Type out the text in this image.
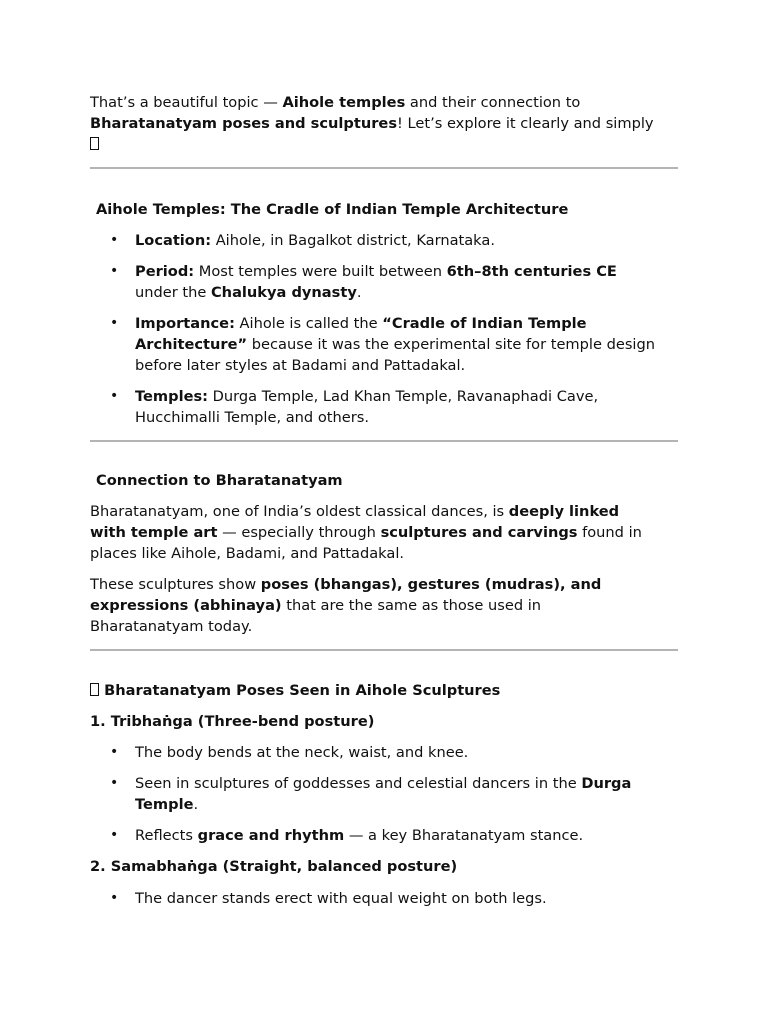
That’s a beautiful topic — Aihole temples and their connection to
Bharatanatyam poses and sculptures! Let’s explore it clearly and simply

Aihole Temples: The Cradle of Indian Temple Architecture
• Location: Aihole, in Bagalkot district, Karnataka.
• Period: Most temples were built between 6th–8th centuries CE
under the Chalukya dynasty.
• Importance: Aihole is called the “Cradle of Indian Temple
Architecture” because it was the experimental site for temple design
before later styles at Badami and Pattadakal.
• Temples: Durga Temple, Lad Khan Temple, Ravanaphadi Cave,
Hucchimalli Temple, and others.
Connection to Bharatanatyam

Bharatanatyam, one of India’s oldest classical dances, is deeply linked
with temple art — especially through sculptures and carvings found in
places like Aihole, Badami, and Pattadakal.

These sculptures show poses (bhangas), gestures (mudras), and
expressions (abhinaya) that are the same as those used in
Bharatanatyam today.

Bharatanatyam Poses Seen in Aihole Sculptures
1. Tribhaṅga (Three-bend posture)
• The body bends at the neck, waist, and knee.
• Seen in sculptures of goddesses and celestial dancers in the Durga
Temple.
• Reflects grace and rhythm — a key Bharatanatyam stance.
2. Samabhaṅga (Straight, balanced posture)
• The dancer stands erect with equal weight on both legs.
